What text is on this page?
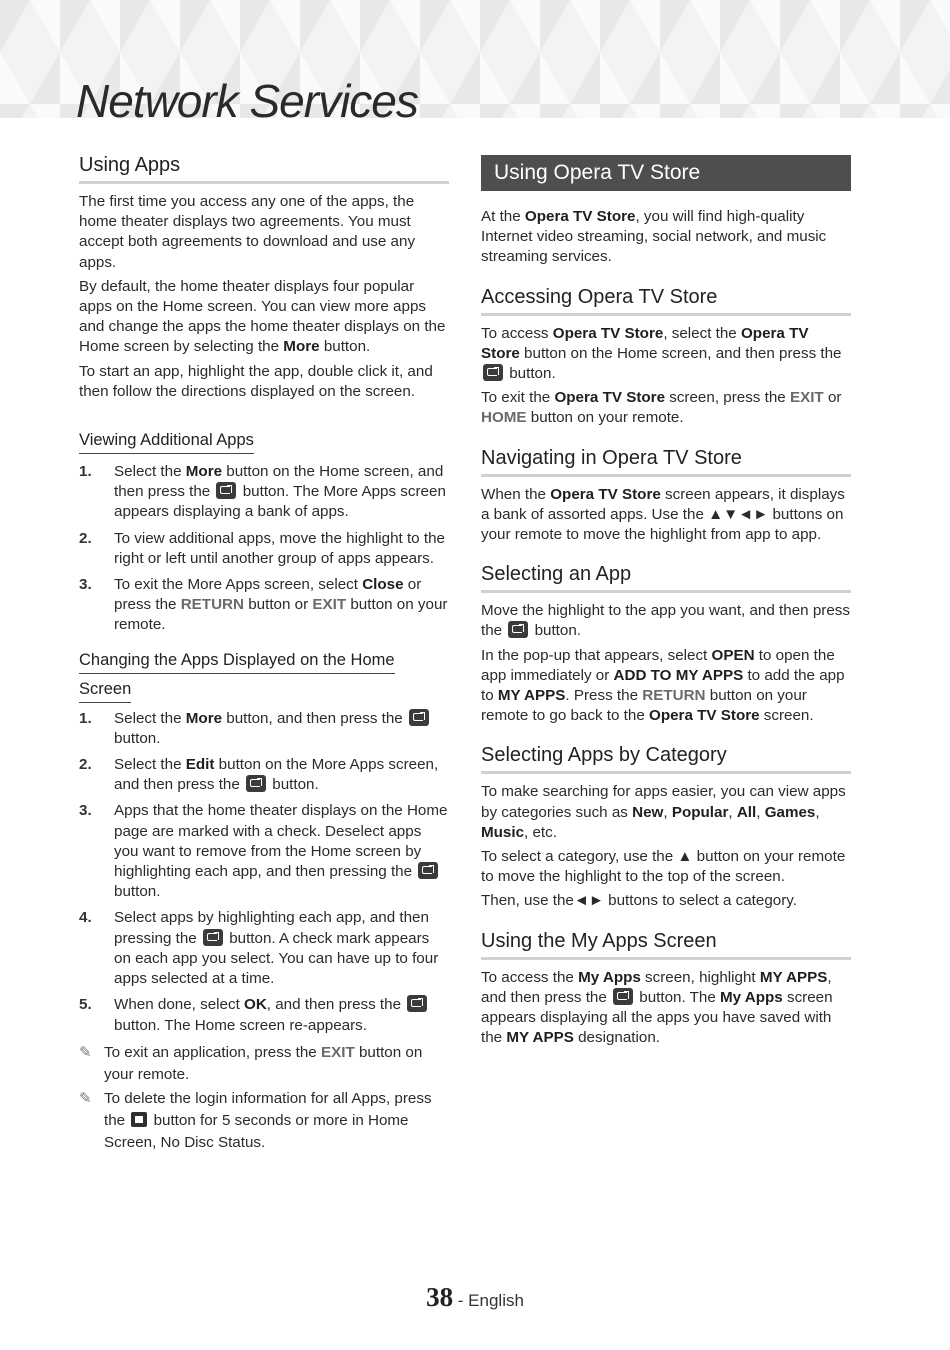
Network Services
Using Apps

The first time you access any one of the apps, the home theater displays two agreements. You must accept both agreements to download and use any apps.

By default, the home theater displays four popular apps on the Home screen. You can view more apps and change the apps the home theater displays on the Home screen by selecting the More button.

To start an app, highlight the app, double click it, and then follow the directions displayed on the screen.

Viewing Additional Apps
1. Select the More button on the Home screen, and then press the  button. The More Apps screen appears displaying a bank of apps.
2. To view additional apps, move the highlight to the right or left until another group of apps appears.
3. To exit the More Apps screen, select Close or press the RETURN button or EXIT button on your remote.
Changing the Apps Displayed on the Home
Screen
1. Select the More button, and then press the  button.
2. Select the Edit button on the More Apps screen, and then press the  button.
3. Apps that the home theater displays on the Home page are marked with a check. Deselect apps you want to remove from the Home screen by highlighting each app, and then pressing the  button.
4. Select apps by highlighting each app, and then pressing the  button. A check mark appears on each app you select. You can have up to four apps selected at a time.
5. When done, select OK, and then press the  button. The Home screen re-appears.
✎ To exit an application, press the EXIT button on your remote.
✎ To delete the login information for all Apps, press the  button for 5 seconds or more in Home Screen, No Disc Status.
Using Opera TV Store

At the Opera TV Store, you will find high-quality Internet video streaming, social network, and music streaming services.

Accessing Opera TV Store

To access Opera TV Store, select the Opera TV Store button on the Home screen, and then press the  button.

To exit the Opera TV Store screen, press the EXIT or HOME button on your remote.

Navigating in Opera TV Store

When the Opera TV Store screen appears, it displays a bank of assorted apps. Use the ▲▼◄► buttons on your remote to move the highlight from app to app.

Selecting an App

Move the highlight to the app you want, and then press the  button.

In the pop-up that appears, select OPEN to open the app immediately or ADD TO MY APPS to add the app to MY APPS. Press the RETURN button on your remote to go back to the Opera TV Store screen.

Selecting Apps by Category

To make searching for apps easier, you can view apps by categories such as New, Popular, All, Games, Music, etc.

To select a category, use the ▲ button on your remote to move the highlight to the top of the screen.

Then, use the◄► buttons to select a category.

Using the My Apps Screen

To access the My Apps screen, highlight MY APPS, and then press the  button. The My Apps screen appears displaying all the apps you have saved with the MY APPS designation.

38 - English
